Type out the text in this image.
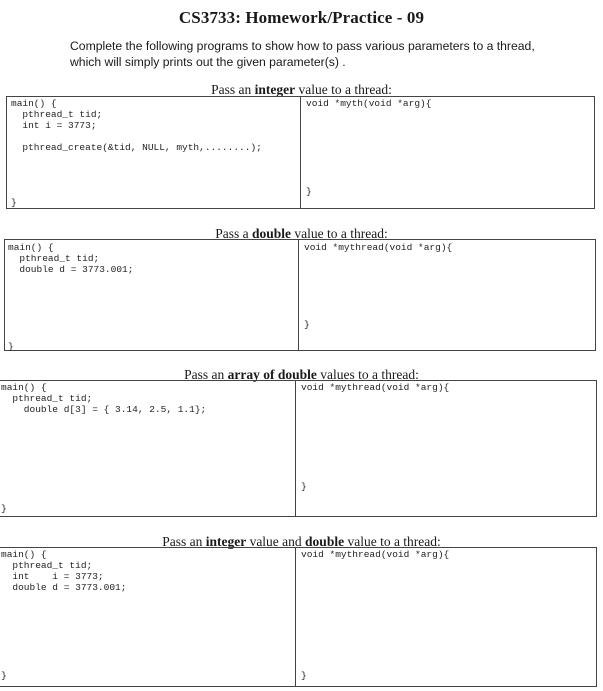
CS3733: Homework/Practice - 09
Complete the following programs to show how to pass various parameters to a thread, which will simply prints out the given parameter(s) .
Pass an integer value to a thread:
main() {
pthread_t tid;
int i = 3773;

pthread_create(&tid, NULL, myth,........);

}
void *myth(void *arg){

}
Pass a double value to a thread:
main() {
pthread_t tid;
double d = 3773.001;

}
void *mythread(void *arg){

}
Pass an array of double values to a thread:
main() {
pthread_t tid;
double d[3] = { 3.14, 2.5, 1.1};

}
void *mythread(void *arg){

}
Pass an integer value and double value to a thread:
main() {
pthread_t tid;
int    i = 3773;
double d = 3773.001;

}
void *mythread(void *arg){

}
